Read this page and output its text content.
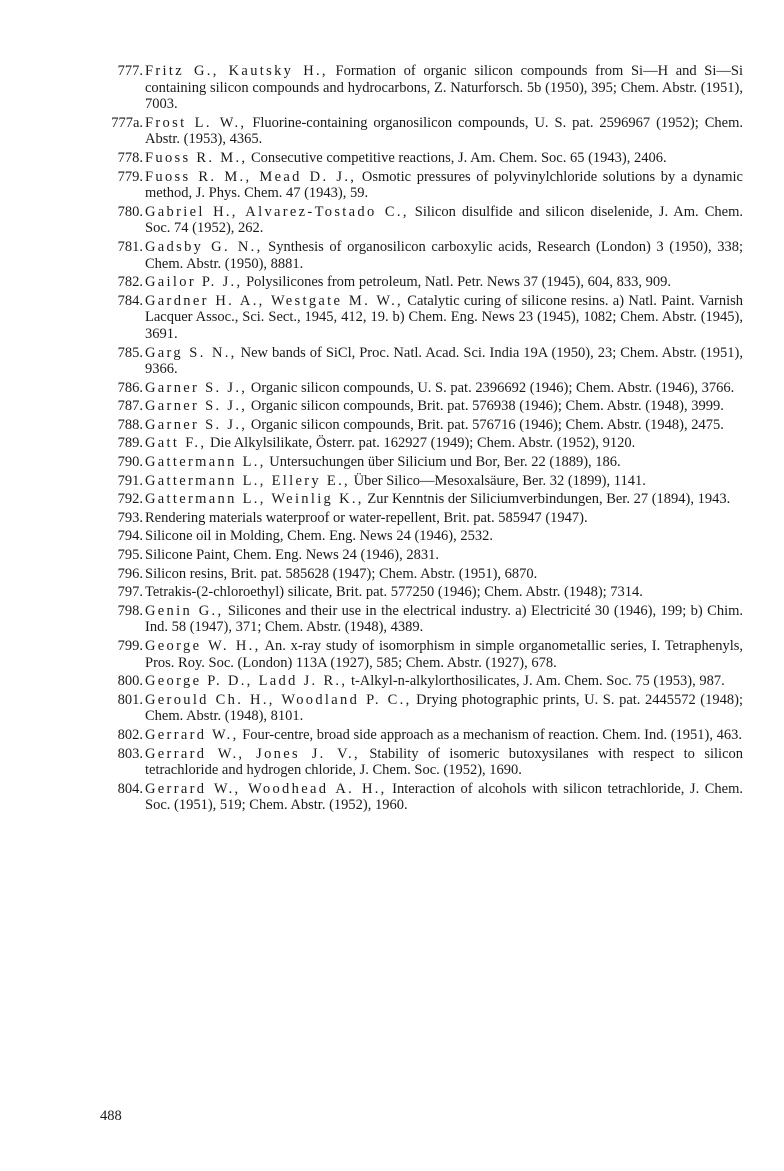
777. Fritz G., Kautsky H., Formation of organic silicon compounds from Si—H and Si—Si containing silicon compounds and hydrocarbons, Z. Naturforsch. 5b (1950), 395; Chem. Abstr. (1951), 7003.
777a. Frost L. W., Fluorine-containing organosilicon compounds, U. S. pat. 2596967 (1952); Chem. Abstr. (1953), 4365.
778. Fuoss R. M., Consecutive competitive reactions, J. Am. Chem. Soc. 65 (1943), 2406.
779. Fuoss R. M., Mead D. J., Osmotic pressures of polyvinylchloride solutions by a dynamic method, J. Phys. Chem. 47 (1943), 59.
780. Gabriel H., Alvarez-Tostado C., Silicon disulfide and silicon diselenide, J. Am. Chem. Soc. 74 (1952), 262.
781. Gadsby G. N., Synthesis of organosilicon carboxylic acids, Research (London) 3 (1950), 338; Chem. Abstr. (1950), 8881.
782. Gailor P. J., Polysilicones from petroleum, Natl. Petr. News 37 (1945), 604, 833, 909.
784. Gardner H. A., Westgate M. W., Catalytic curing of silicone resins. a) Natl. Paint. Varnish Lacquer Assoc., Sci. Sect., 1945, 412, 19. b) Chem. Eng. News 23 (1945), 1082; Chem. Abstr. (1945), 3691.
785. Garg S. N., New bands of SiCl, Proc. Natl. Acad. Sci. India 19A (1950), 23; Chem. Abstr. (1951), 9366.
786. Garner S. J., Organic silicon compounds, U. S. pat. 2396692 (1946); Chem. Abstr. (1946), 3766.
787. Garner S. J., Organic silicon compounds, Brit. pat. 576938 (1946); Chem. Abstr. (1948), 3999.
788. Garner S. J., Organic silicon compounds, Brit. pat. 576716 (1946); Chem. Abstr. (1948), 2475.
789. Gatt F., Die Alkylsilikate, Österr. pat. 162927 (1949); Chem. Abstr. (1952), 9120.
790. Gattermann L., Untersuchungen über Silicium und Bor, Ber. 22 (1889), 186.
791. Gattermann L., Ellery E., Über Silico—Mesoxalsäure, Ber. 32 (1899), 1141.
792. Gattermann L., Weinlig K., Zur Kenntnis der Siliciumverbindungen, Ber. 27 (1894), 1943.
793. Rendering materials waterproof or water-repellent, Brit. pat. 585947 (1947).
794. Silicone oil in Molding, Chem. Eng. News 24 (1946), 2532.
795. Silicone Paint, Chem. Eng. News 24 (1946), 2831.
796. Silicon resins, Brit. pat. 585628 (1947); Chem. Abstr. (1951), 6870.
797. Tetrakis-(2-chloroethyl) silicate, Brit. pat. 577250 (1946); Chem. Abstr. (1948); 7314.
798. Genin G., Silicones and their use in the electrical industry. a) Electricité 30 (1946), 199; b) Chim. Ind. 58 (1947), 371; Chem. Abstr. (1948), 4389.
799. George W. H., An. x-ray study of isomorphism in simple organometallic series, I. Tetraphenyls, Pros. Roy. Soc. (London) 113A (1927), 585; Chem. Abstr. (1927), 678.
800. George P. D., Ladd J. R., t-Alkyl-n-alkylorthosilicates, J. Am. Chem. Soc. 75 (1953), 987.
801. Gerould Ch. H., Woodland P. C., Drying photographic prints, U. S. pat. 2445572 (1948); Chem. Abstr. (1948), 8101.
802. Gerrard W., Four-centre, broad side approach as a mechanism of reaction. Chem. Ind. (1951), 463.
803. Gerrard W., Jones J. V., Stability of isomeric butoxysilanes with respect to silicon tetrachloride and hydrogen chloride, J. Chem. Soc. (1952), 1690.
804. Gerrard W., Woodhead A. H., Interaction of alcohols with silicon tetrachloride, J. Chem. Soc. (1951), 519; Chem. Abstr. (1952), 1960.
488
